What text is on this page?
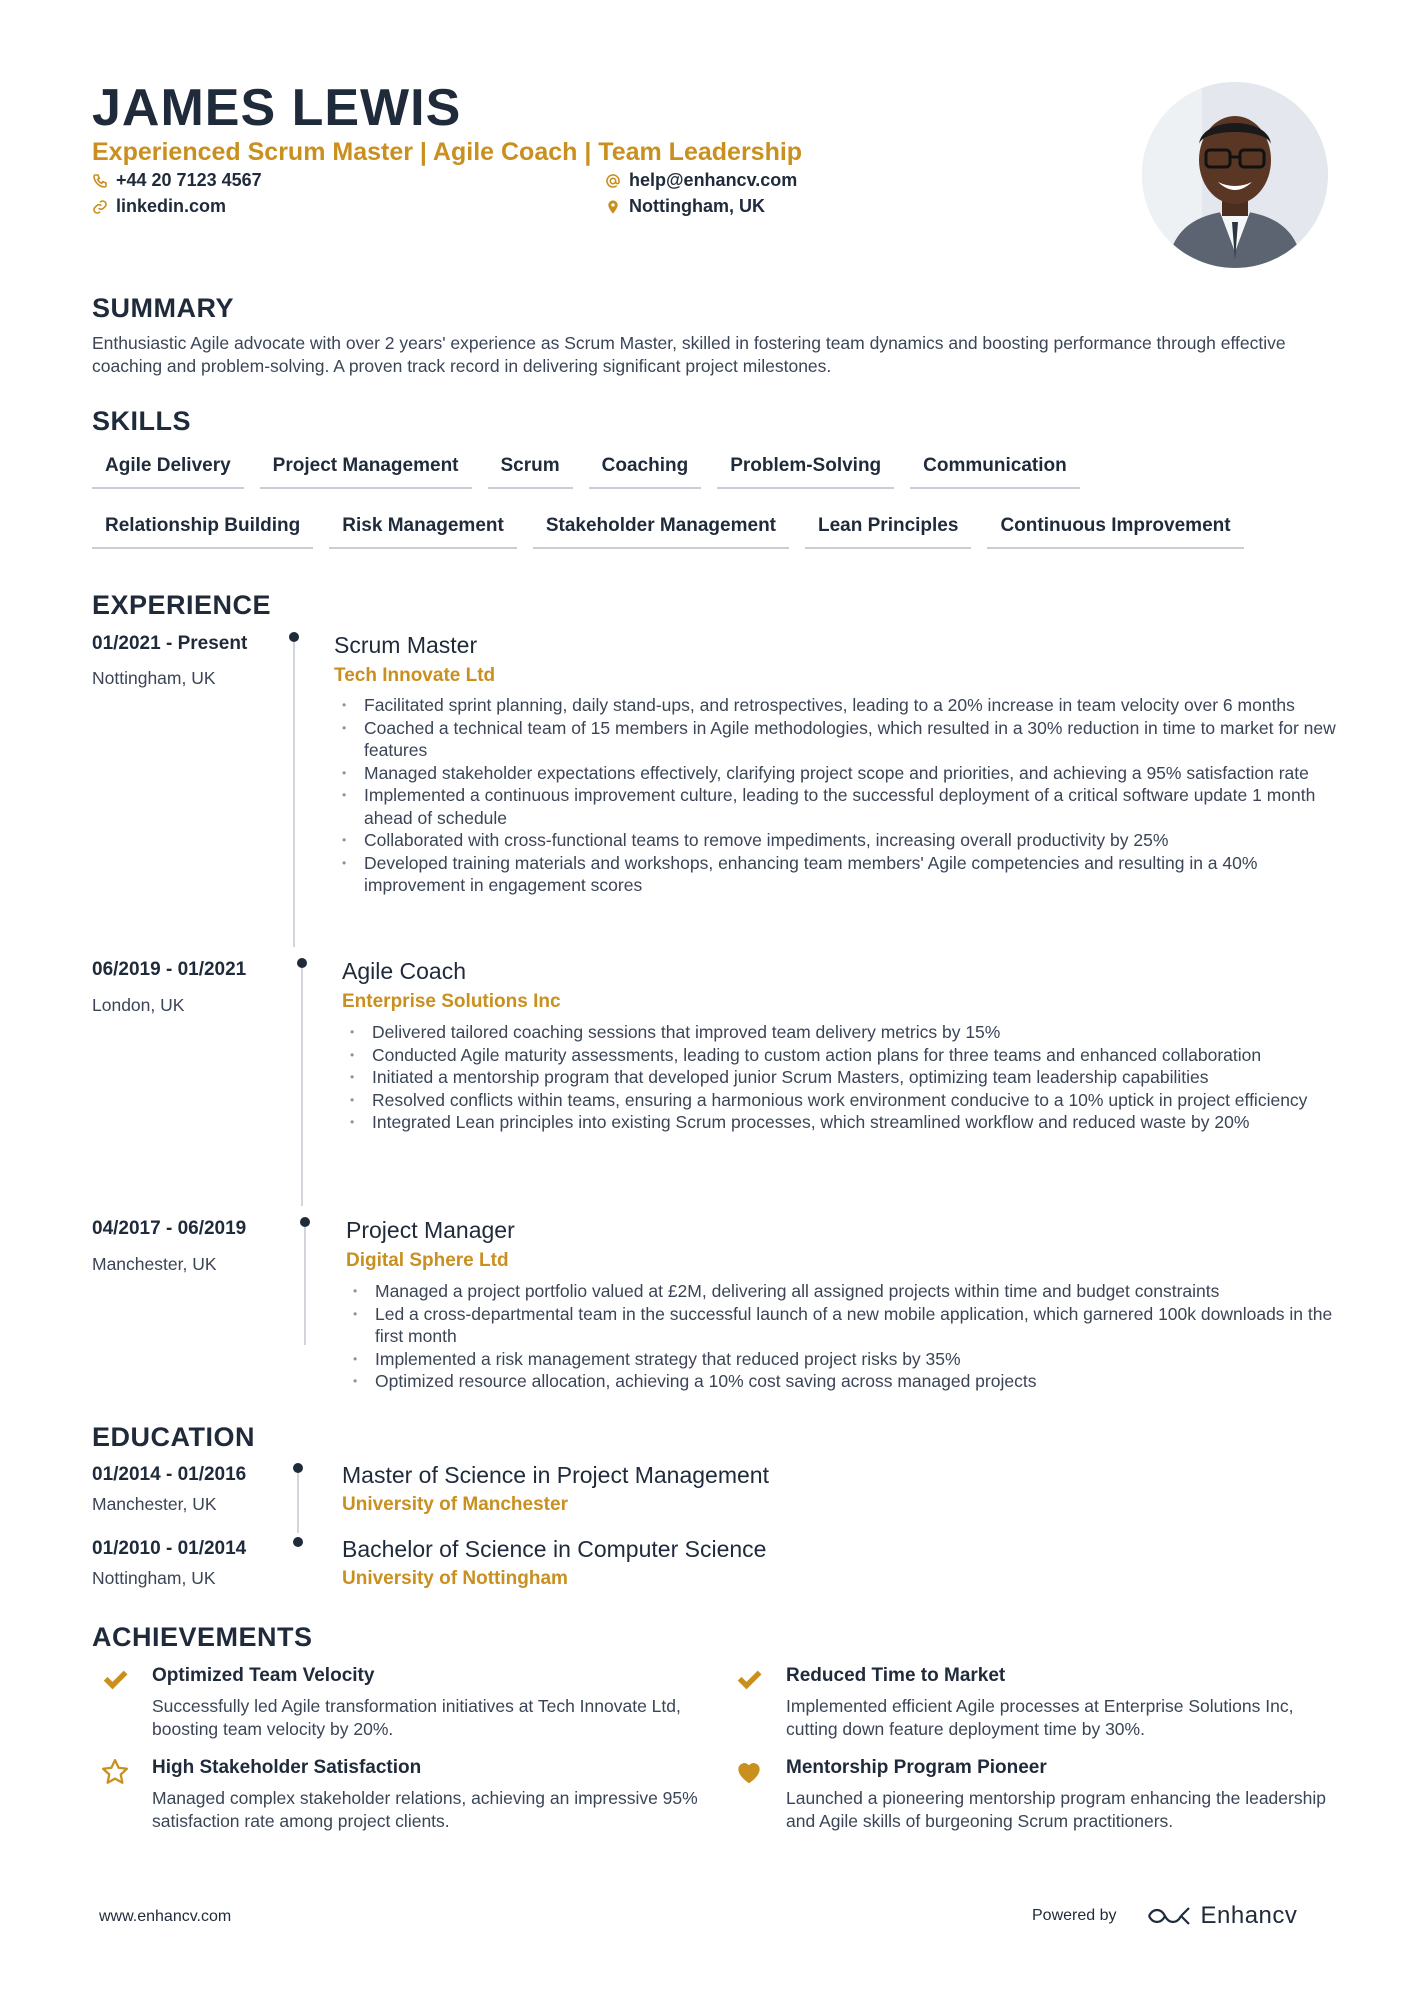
JAMES LEWIS
Experienced Scrum Master | Agile Coach | Team Leadership
+44 20 7123 4567	help@enhancv.com
linkedin.com	Nottingham, UK
SUMMARY
Enthusiastic Agile advocate with over 2 years' experience as Scrum Master, skilled in fostering team dynamics and boosting performance through effective coaching and problem-solving. A proven track record in delivering significant project milestones.
SKILLS
Agile Delivery	Project Management	Scrum	Coaching	Problem-Solving	Communication
Relationship Building	Risk Management	Stakeholder Management	Lean Principles	Continuous Improvement
EXPERIENCE
01/2021 - Present
Nottingham, UK
Scrum Master
Tech Innovate Ltd
• Facilitated sprint planning, daily stand-ups, and retrospectives, leading to a 20% increase in team velocity over 6 months
• Coached a technical team of 15 members in Agile methodologies, which resulted in a 30% reduction in time to market for new features
• Managed stakeholder expectations effectively, clarifying project scope and priorities, and achieving a 95% satisfaction rate
• Implemented a continuous improvement culture, leading to the successful deployment of a critical software update 1 month ahead of schedule
• Collaborated with cross-functional teams to remove impediments, increasing overall productivity by 25%
• Developed training materials and workshops, enhancing team members' Agile competencies and resulting in a 40% improvement in engagement scores
06/2019 - 01/2021
London, UK
Agile Coach
Enterprise Solutions Inc
• Delivered tailored coaching sessions that improved team delivery metrics by 15%
• Conducted Agile maturity assessments, leading to custom action plans for three teams and enhanced collaboration
• Initiated a mentorship program that developed junior Scrum Masters, optimizing team leadership capabilities
• Resolved conflicts within teams, ensuring a harmonious work environment conducive to a 10% uptick in project efficiency
• Integrated Lean principles into existing Scrum processes, which streamlined workflow and reduced waste by 20%
04/2017 - 06/2019
Manchester, UK
Project Manager
Digital Sphere Ltd
• Managed a project portfolio valued at £2M, delivering all assigned projects within time and budget constraints
• Led a cross-departmental team in the successful launch of a new mobile application, which garnered 100k downloads in the first month
• Implemented a risk management strategy that reduced project risks by 35%
• Optimized resource allocation, achieving a 10% cost saving across managed projects
EDUCATION
01/2014 - 01/2016
Manchester, UK
Master of Science in Project Management
University of Manchester
01/2010 - 01/2014
Nottingham, UK
Bachelor of Science in Computer Science
University of Nottingham
ACHIEVEMENTS
Optimized Team Velocity
Successfully led Agile transformation initiatives at Tech Innovate Ltd, boosting team velocity by 20%.
Reduced Time to Market
Implemented efficient Agile processes at Enterprise Solutions Inc, cutting down feature deployment time by 30%.
High Stakeholder Satisfaction
Managed complex stakeholder relations, achieving an impressive 95% satisfaction rate among project clients.
Mentorship Program Pioneer
Launched a pioneering mentorship program enhancing the leadership and Agile skills of burgeoning Scrum practitioners.
www.enhancv.com	Powered by	Enhancv
